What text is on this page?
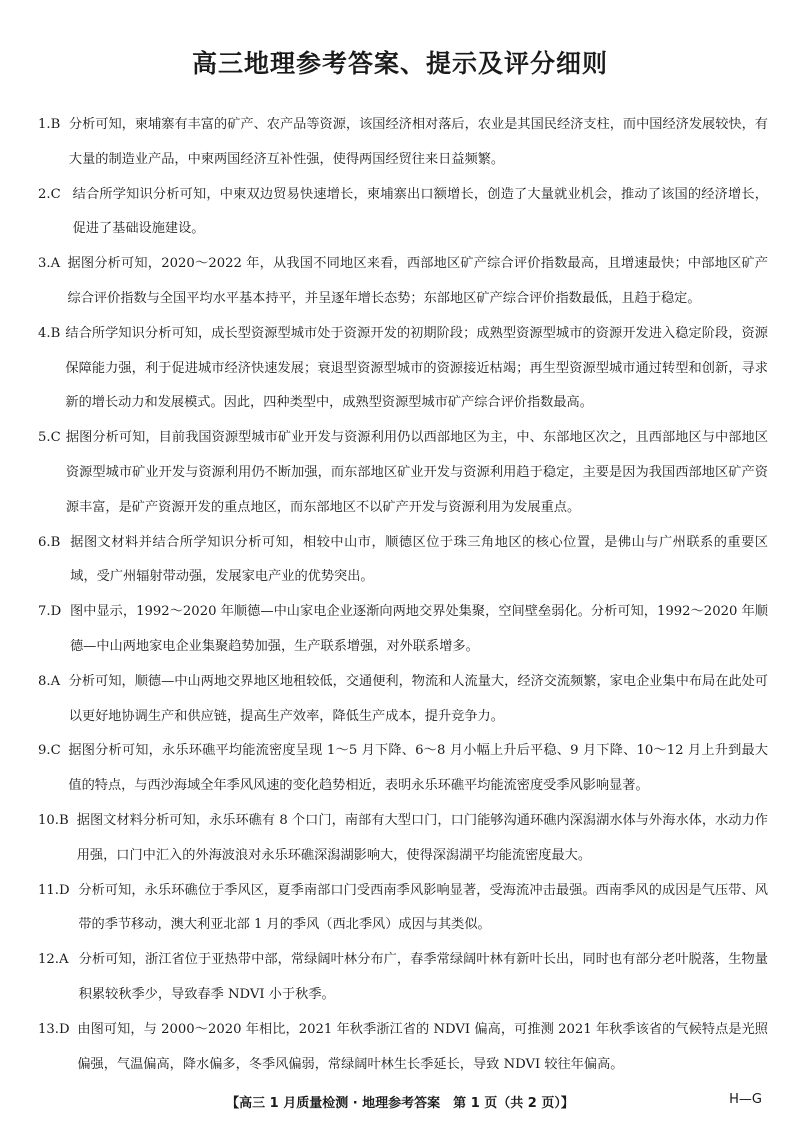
高三地理参考答案、提示及评分细则
1.B 分析可知，柬埔寨有丰富的矿产、农产品等资源，该国经济相对落后，农业是其国民经济支柱，而中国经济发展较快，有大量的制造业产品，中柬两国经济互补性强，使得两国经贸往来日益频繁。
2.C 结合所学知识分析可知，中柬双边贸易快速增长，柬埔寨出口额增长，创造了大量就业机会，推动了该国的经济增长，促进了基础设施建设。
3.A 据图分析可知，2020～2022 年，从我国不同地区来看，西部地区矿产综合评价指数最高，且增速最快；中部地区矿产综合评价指数与全国平均水平基本持平，并呈逐年增长态势；东部地区矿产综合评价指数最低，且趋于稳定。
4.B 结合所学知识分析可知，成长型资源型城市处于资源开发的初期阶段；成熟型资源型城市的资源开发进入稳定阶段，资源保障能力强，利于促进城市经济快速发展；衰退型资源型城市的资源接近枯竭；再生型资源型城市通过转型和创新，寻求新的增长动力和发展模式。因此，四种类型中，成熟型资源型城市矿产综合评价指数最高。
5.C 据图分析可知，目前我国资源型城市矿业开发与资源利用仍以西部地区为主，中、东部地区次之，且西部地区与中部地区资源型城市矿业开发与资源利用仍不断加强，而东部地区矿业开发与资源利用趋于稳定，主要是因为我国西部地区矿产资源丰富，是矿产资源开发的重点地区，而东部地区不以矿产开发与资源利用为发展重点。
6.B 据图文材料并结合所学知识分析可知，相较中山市，顺德区位于珠三角地区的核心位置，是佛山与广州联系的重要区域，受广州辐射带动强，发展家电产业的优势突出。
7.D 图中显示，1992～2020 年顺德—中山家电企业逐渐向两地交界处集聚，空间壁垒弱化。分析可知，1992～2020 年顺德—中山两地家电企业集聚趋势加强，生产联系增强，对外联系增多。
8.A 分析可知，顺德—中山两地交界地区地租较低，交通便利，物流和人流量大，经济交流频繁，家电企业集中布局在此处可以更好地协调生产和供应链，提高生产效率，降低生产成本，提升竞争力。
9.C 据图分析可知，永乐环礁平均能流密度呈现 1～5 月下降、6～8 月小幅上升后平稳、9 月下降、10～12 月上升到最大值的特点，与西沙海域全年季风风速的变化趋势相近，表明永乐环礁平均能流密度受季风影响显著。
10.B 据图文材料分析可知，永乐环礁有 8 个口门，南部有大型口门，口门能够沟通环礁内深潟湖水体与外海水体，水动力作用强，口门中汇入的外海波浪对永乐环礁深潟湖影响大，使得深潟湖平均能流密度最大。
11.D 分析可知，永乐环礁位于季风区，夏季南部口门受西南季风影响显著，受海流冲击最强。西南季风的成因是气压带、风带的季节移动，澳大利亚北部 1 月的季风（西北季风）成因与其类似。
12.A 分析可知，浙江省位于亚热带中部，常绿阔叶林分布广，春季常绿阔叶林有新叶长出，同时也有部分老叶脱落，生物量积累较秋季少，导致春季 NDVI 小于秋季。
13.D 由图可知，与 2000～2020 年相比，2021 年秋季浙江省的 NDVI 偏高，可推测 2021 年秋季该省的气候特点是光照偏强，气温偏高，降水偏多，冬季风偏弱，常绿阔叶林生长季延长，导致 NDVI 较往年偏高。
【高三 1 月质量检测 · 地理参考答案　第 1 页（共 2 页）】	H—G
